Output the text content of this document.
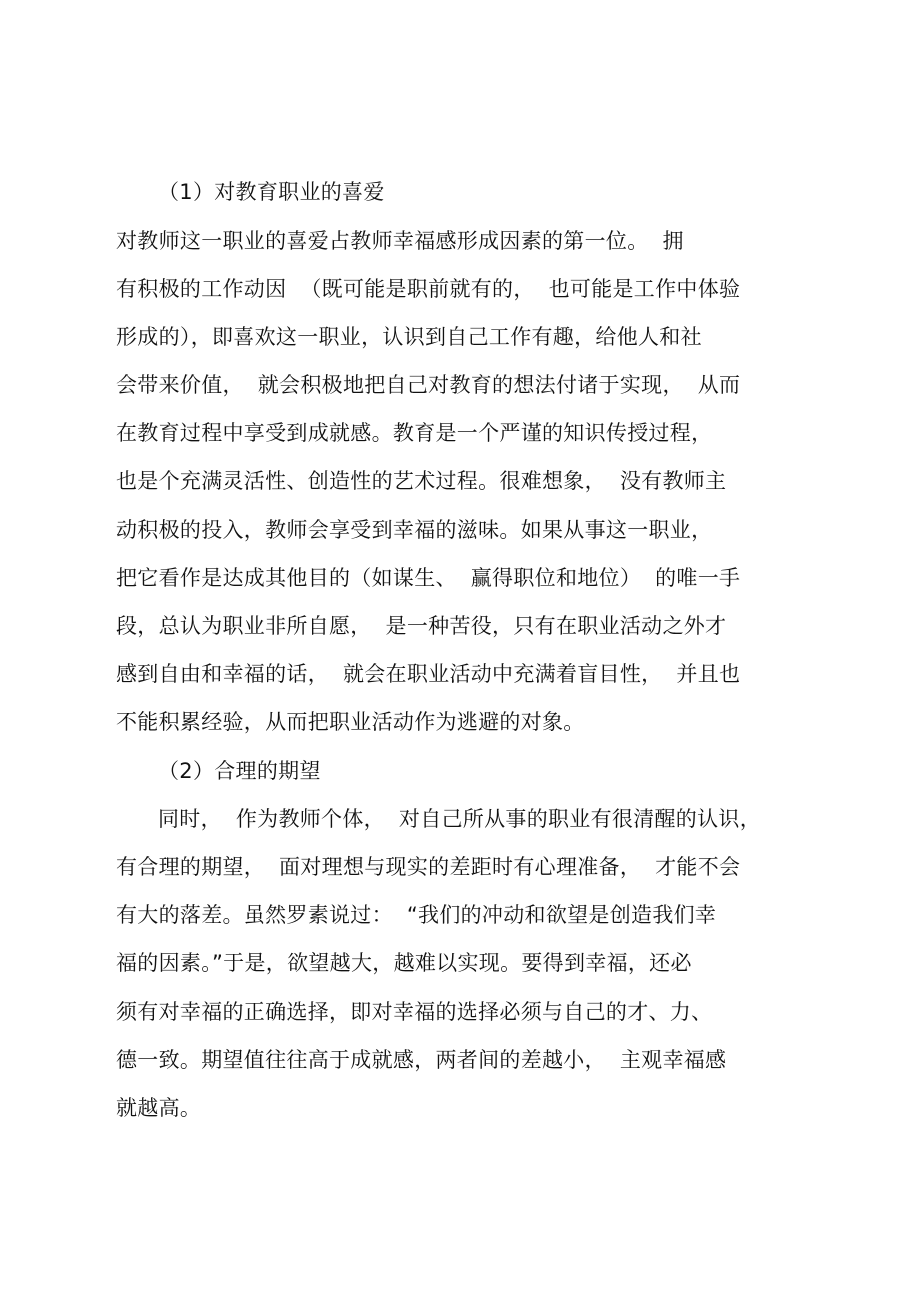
（1）对教育职业的喜爱
对教师这一职业的喜爱占教师幸福感形成因素的第一位。  拥
有积极的工作动因  （既可能是职前就有的，  也可能是工作中体验
形成的），即喜欢这一职业，认识到自己工作有趣，给他人和社
会带来价值，  就会积极地把自己对教育的想法付诸于实现，  从而
在教育过程中享受到成就感。教育是一个严谨的知识传授过程，
也是个充满灵活性、创造性的艺术过程。很难想象，  没有教师主
动积极的投入，教师会享受到幸福的滋味。如果从事这一职业，
把它看作是达成其他目的（如谋生、  赢得职位和地位）  的唯一手
段，总认为职业非所自愿，  是一种苦役，只有在职业活动之外才
感到自由和幸福的话，  就会在职业活动中充满着盲目性，  并且也
不能积累经验，从而把职业活动作为逃避的对象。
（2）合理的期望
同时，  作为教师个体，  对自己所从事的职业有很清醒的认识，
有合理的期望，  面对理想与现实的差距时有心理准备，  才能不会
有大的落差。虽然罗素说过：  “我们的冲动和欲望是创造我们幸
福的因素。”于是，欲望越大，越难以实现。要得到幸福，还必
须有对幸福的正确选择，即对幸福的选择必须与自己的才、力、
德一致。期望值往往高于成就感，两者间的差越小，  主观幸福感
就越高。
